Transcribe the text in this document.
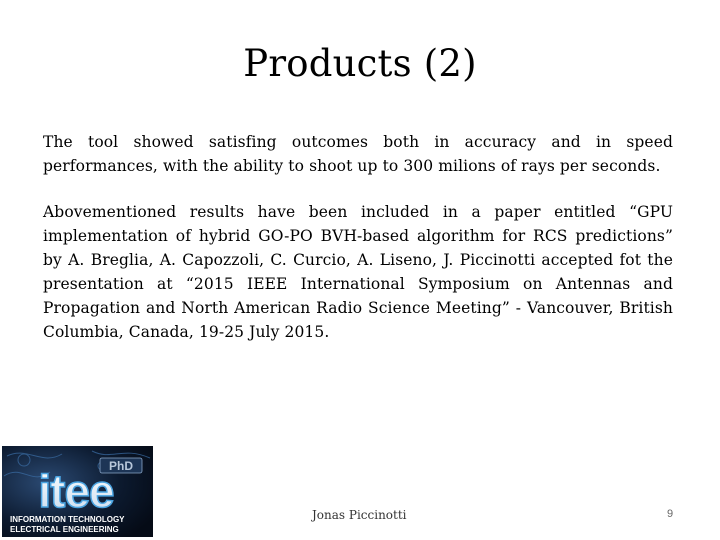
Products (2)

The tool showed satisfing outcomes both in accuracy and in speed performances, with the ability to shoot up to 300 milions of rays per seconds.

Abovementioned results have been included in a paper entitled “GPU implementation of hybrid GO-PO BVH-based algorithm for RCS predictions” by A. Breglia, A. Capozzoli, C. Curcio, A. Liseno, J. Piccinotti accepted fot the presentation at “2015 IEEE International Symposium on Antennas and Propagation and North American Radio Science Meeting” - Vancouver, British Columbia, Canada, 19-25 July 2015.

PhD
itee
INFORMATION TECHNOLOGY
ELECTRICAL ENGINEERING
Jonas Piccinotti	9
